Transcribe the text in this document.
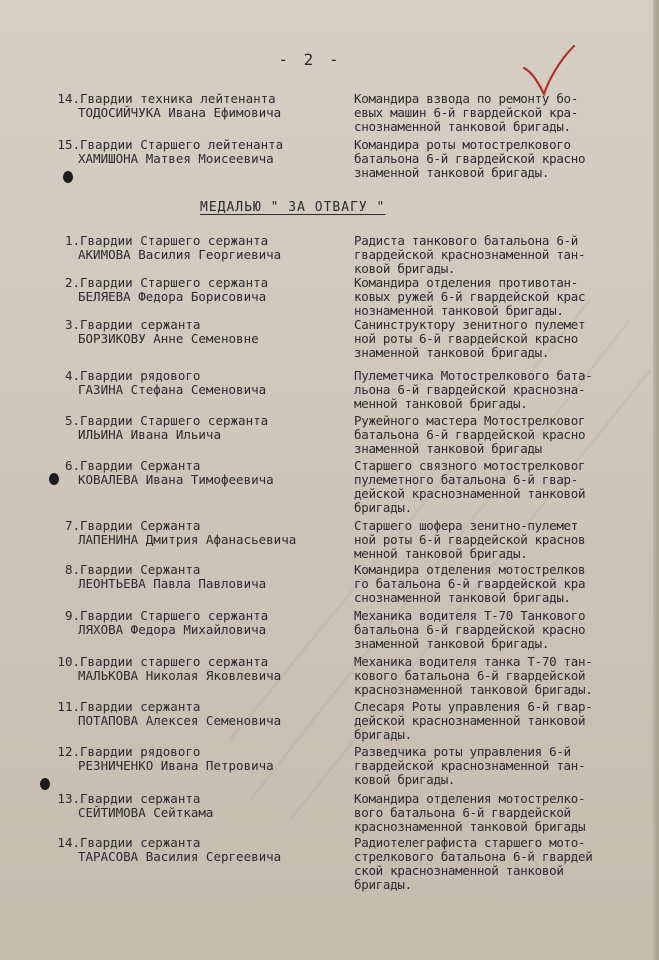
- 2 -
14.Гвардии техника лейтенанта
ТОДОСИЙЧУКА Ивана Ефимовича
Командира взвода по ремонту бо-
евых машин 6-й гвардейской кра-
снознаменной танковой бригады.
15.Гвардии Старшего лейтенанта
ХАМИШОНА Матвея Моисеевича
Командира роты мотострелкового
батальона 6-й гвардейской красно
знаменной танковой бригады.
МЕДАЛЬЮ " ЗА ОТВАГУ "
1.Гвардии Старшего сержанта
АКИМОВА Василия Георгиевича
Радиста танкового батальона 6-й
гвардейской краснознаменной тан-
ковой бригады.
2.Гвардии Старшего сержанта
БЕЛЯЕВА Федора Борисовича
Командира отделения противотан-
ковых ружей 6-й гвардейской крас
нознаменной танковой бригады.
3.Гвардии сержанта
БОРЗИКОВУ Анне Семеновне
Санинструктору зенитного пулемет
ной роты 6-й гвардейской красно
знаменной танковой бригады.
4.Гвардии рядового
ГАЗИНА Стефана Семеновича
Пулеметчика Мотострелкового бата-
льона 6-й гвардейской краснозна-
менной танковой бригады.
5.Гвардии Старшего сержанта
ИЛЬИНА Ивана Ильича
Ружейного мастера Мотострелковог
батальона 6-й гвардейской красно
знаменной танковой бригады
6.Гвардии Сержанта
КОВАЛЕВА Ивана Тимофеевича
Старшего связного мотострелковог
пулеметного батальона 6-й гвар-
дейской краснознаменной танковой
бригады.
7.Гвардии Сержанта
ЛАПЕНИНА Дмитрия Афанасьевича
Старшего шофера зенитно-пулемет
ной роты 6-й гвардейской краснов
менной танковой бригады.
8.Гвардии Сержанта
ЛЕОНТЬЕВА Павла Павловича
Командира отделения мотострелков
го батальона 6-й гвардейской кра
снознаменной танковой бригады.
9.Гвардии Старшего сержанта
ЛЯХОВА Федора Михайловича
Механика водителя Т-70 Танкового
батальона 6-й гвардейской красно
знаменной танковой бригады.
10.Гвардии старшего сержанта
МАЛЬКОВА Николая Яковлевича
Механика водителя танка Т-70 тан-
кового батальона 6-й гвардейской
краснознаменной танковой бригады.
11.Гвардии сержанта
ПОТАПОВА Алексея Семеновича
Слесаря Роты управления 6-й гвар-
дейской краснознаменной танковой
бригады.
12.Гвардии рядового
РЕЗНИЧЕНКО Ивана Петровича
Разведчика роты управления 6-й
гвардейской краснознаменной тан-
ковой бригады.
13.Гвардии сержанта
СЕЙТИМОВА Сейткама
Командира отделения мотострелко-
вого батальона 6-й гвардейской
краснознаменной танковой бригады
14.Гвардии сержанта
ТАРАСОВА Василия Сергеевича
Радиотелеграфиста старшего мото-
стрелкового батальона 6-й гвардей
ской краснознаменной танковой
бригады.
